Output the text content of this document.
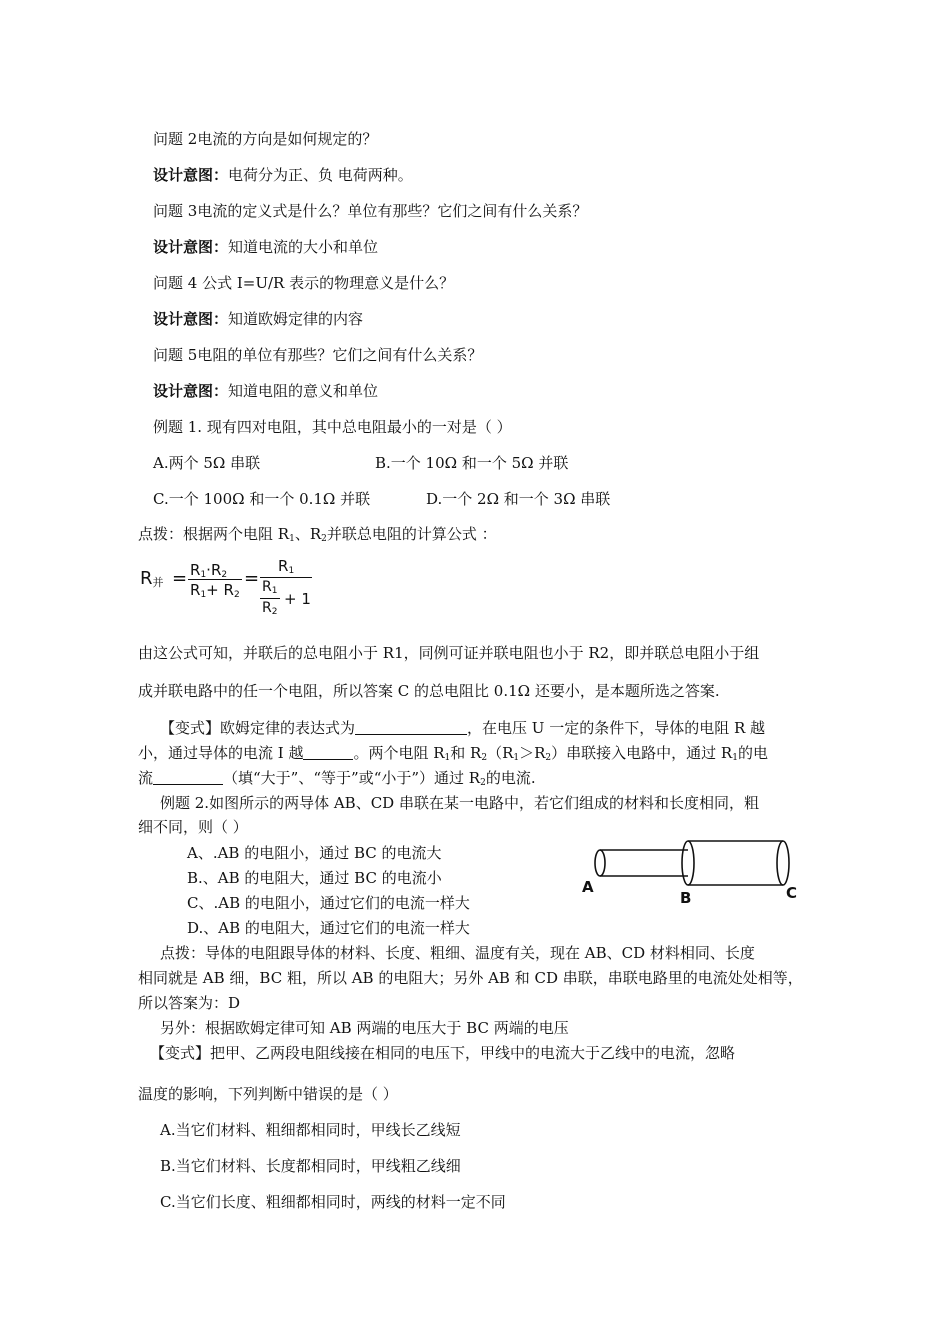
问题 2电流的方向是如何规定的？
设计意图：电荷分为正、负 电荷两种。
问题 3电流的定义式是什么？单位有那些？它们之间有什么关系？
设计意图：知道电流的大小和单位
问题 4 公式 I=U/R 表示的物理意义是什么？
设计意图：知道欧姆定律的内容
问题 5电阻的单位有那些？它们之间有什么关系？
设计意图：知道电阻的意义和单位
例题 1. 现有四对电阻，其中总电阻最小的一对是（ ）
A.两个 5Ω 串联	B.一个 10Ω 和一个 5Ω 并联
C.一个 100Ω 和一个 0.1Ω 并联	D.一个 2Ω 和一个 3Ω 串联
点拨：根据两个电阻 $R_1$、$R_2$并联总电阻的计算公式 ：
$R_并 = R_1\cdot R_2$
$R_1+ R_2$
=
$R_1$
$R_1$
$R_2$
+ 1
由这公式可知，并联后的总电阻小于 R1，同例可证并联电阻也小于 R2，即并联总电阻小于组
成并联电路中的任一个电阻，所以答案 C 的总电阻比 0.1Ω 还要小，是本题所选之答案.
【变式】欧姆定律的表达式为	，在电压 U 一定的条件下，导体的电阻 R 越
小，通过导体的电流 I 越	。两个电阻 $R_1$和 $R_2(R_1>R_2)$串联接入电路中，通过 $R_1$的电
流	（填“大于”、“等于”或“小于”）通过 $R_2$的电流.
例题 2.如图所示的两导体 AB、CD 串联在某一电路中，若它们组成的材料和长度相同，粗
细不同，则（ ）
A、.AB 的电阻小，通过 BC 的电流大
B.、AB 的电阻大，通过 BC 的电流小
C、.AB 的电阻小，通过它们的电流一样大
D.、AB 的电阻大，通过它们的电流一样大
A
B	C
点拨：导体的电阻跟导体的材料、长度、粗细、温度有关，现在 AB、CD 材料相同、长度
相同就是 AB 细，BC 粗，所以 AB 的电阻大；另外 AB 和 CD 串联，串联电路里的电流处处相等，
所以答案为：D
另外：根据欧姆定律可知 AB 两端的电压大于 BC 两端的电压
【变式】把甲、乙两段电阻线接在相同的电压下，甲线中的电流大于乙线中的电流，忽略
温度的影响，下列判断中错误的是（ ）
A.当它们材料、粗细都相同时，甲线长乙线短
B.当它们材料、长度都相同时，甲线粗乙线细
C.当它们长度、粗细都相同时，两线的材料一定不同
